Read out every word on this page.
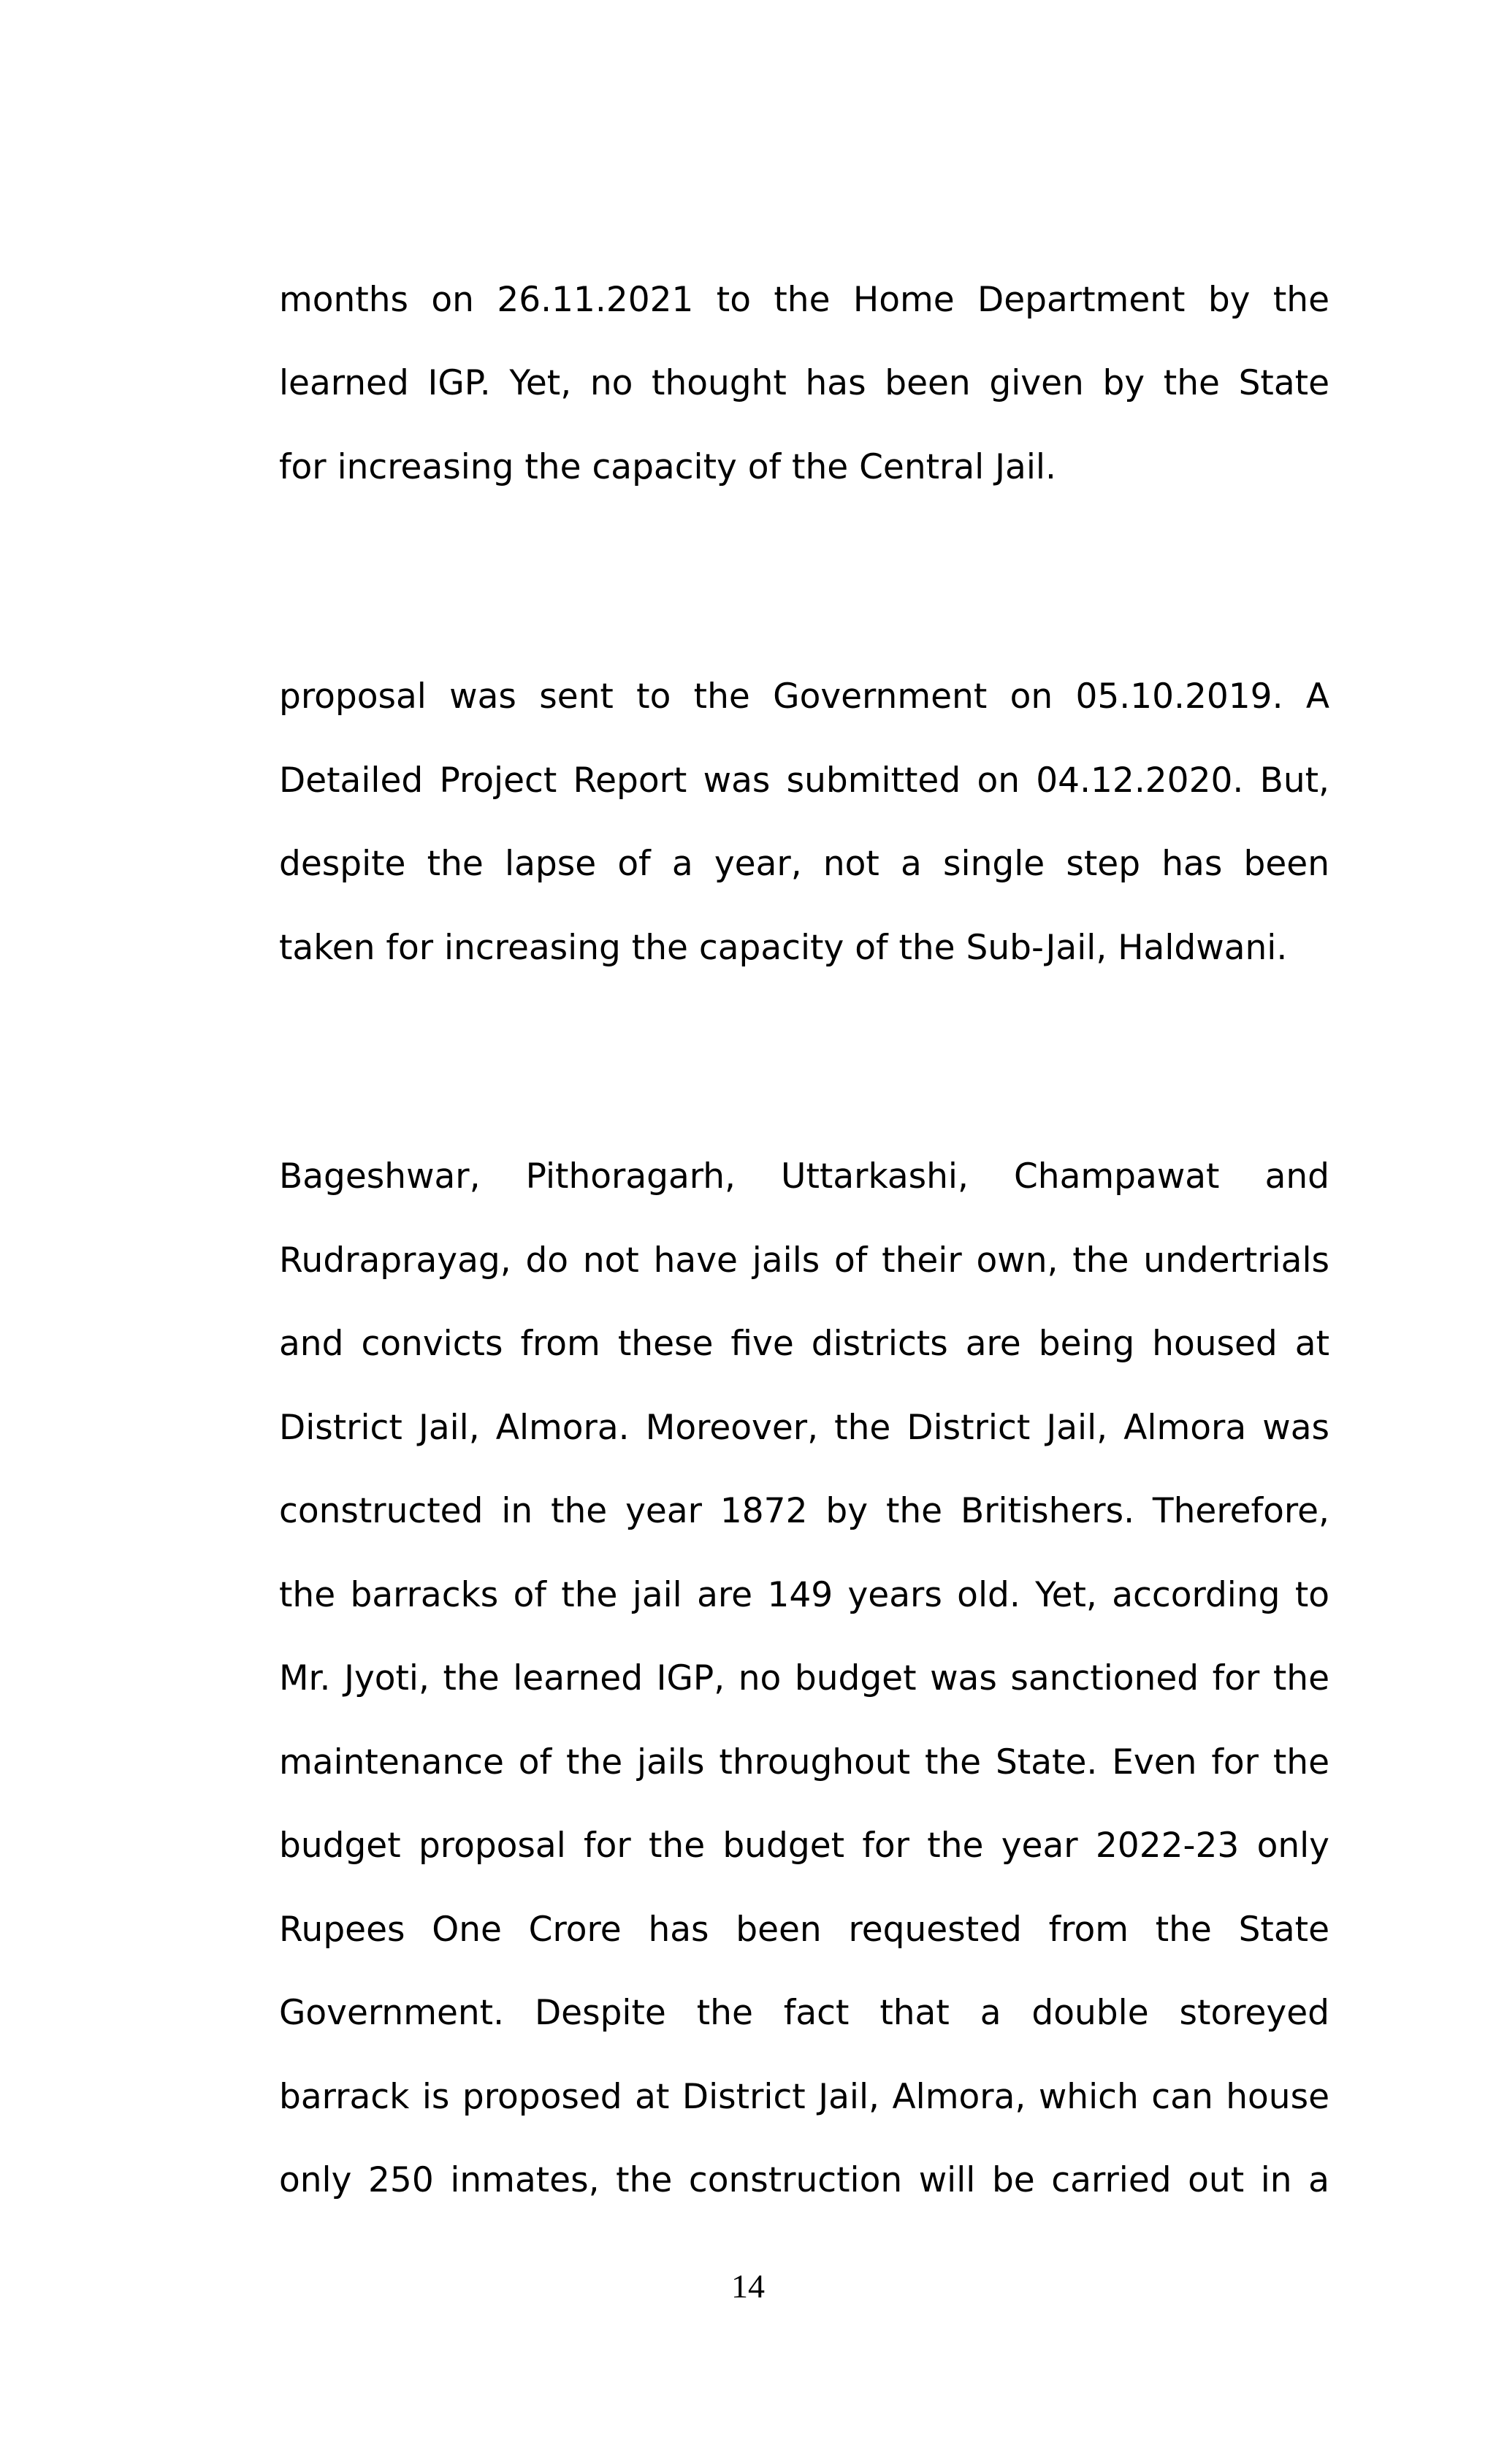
months on 26.11.2021 to the Home Department by the
learned IGP. Yet, no thought has been given by the State
for increasing the capacity of the Central Jail.
proposal was sent to the Government on 05.10.2019. A
Detailed Project Report was submitted on 04.12.2020. But,
despite the lapse of a year, not a single step has been
taken for increasing the capacity of the Sub-Jail, Haldwani.
Bageshwar, Pithoragarh, Uttarkashi, Champawat and
Rudraprayag, do not have jails of their own, the undertrials
and convicts from these five districts are being housed at
District Jail, Almora. Moreover, the District Jail, Almora was
constructed in the year 1872 by the Britishers. Therefore,
the barracks of the jail are 149 years old. Yet, according to
Mr. Jyoti, the learned IGP, no budget was sanctioned for the
maintenance of the jails throughout the State. Even for the
budget proposal for the budget for the year 2022-23 only
Rupees One Crore has been requested from the State
Government. Despite the fact that a double storeyed
barrack is proposed at District Jail, Almora, which can house
only 250 inmates, the construction will be carried out in a
14
